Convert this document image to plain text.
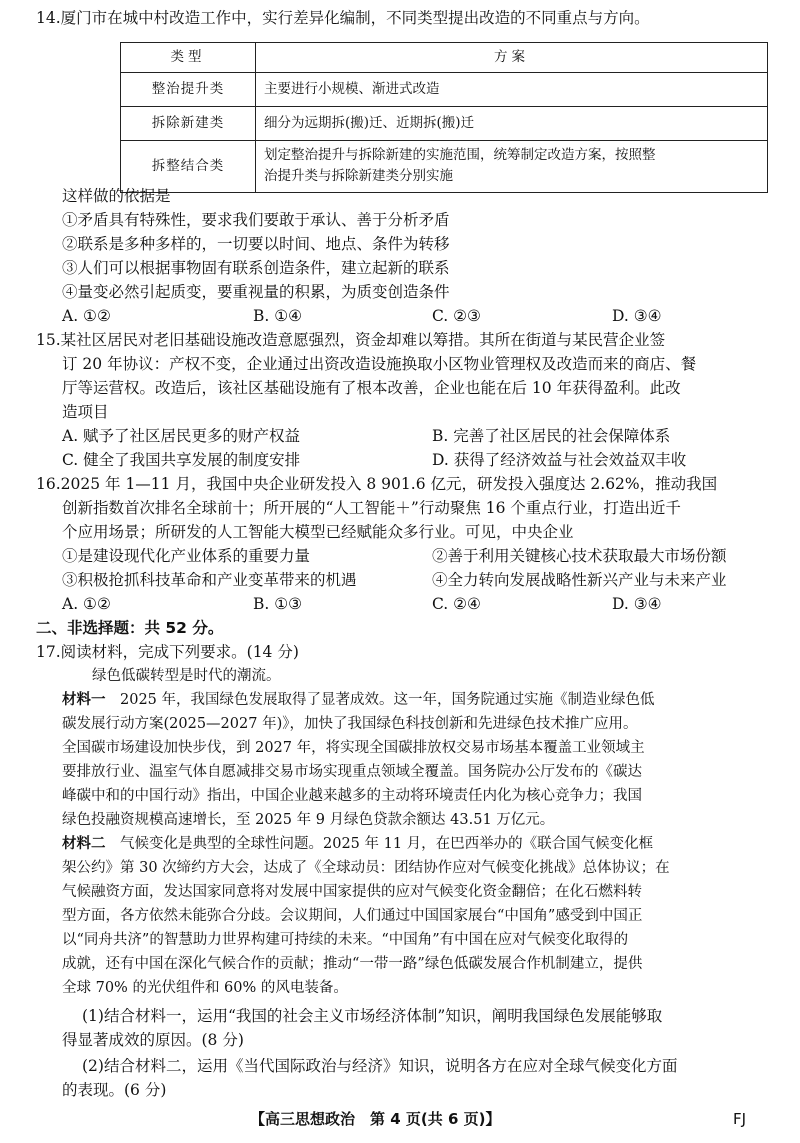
14.厦门市在城中村改造工作中，实行差异化编制，不同类型提出改造的不同重点与方向。
类型	方案
整治提升类	主要进行小规模、渐进式改造
拆除新建类	细分为远期拆(搬)迁、近期拆(搬)迁
拆整结合类	划定整治提升与拆除新建的实施范围，统筹制定改造方案，按照整
治提升类与拆除新建类分别实施
这样做的依据是
①矛盾具有特殊性，要求我们要敢于承认、善于分析矛盾
②联系是多种多样的，一切要以时间、地点、条件为转移
③人们可以根据事物固有联系创造条件，建立起新的联系
④量变必然引起质变，要重视量的积累，为质变创造条件
A. ①②	B. ①④	C. ②③	D. ③④
15.某社区居民对老旧基础设施改造意愿强烈，资金却难以筹措。其所在街道与某民营企业签
订 20 年协议：产权不变，企业通过出资改造设施换取小区物业管理权及改造而来的商店、餐
厅等运营权。改造后，该社区基础设施有了根本改善，企业也能在后 10 年获得盈利。此改
造项目
A. 赋予了社区居民更多的财产权益	B. 完善了社区居民的社会保障体系
C. 健全了我国共享发展的制度安排	D. 获得了经济效益与社会效益双丰收
16.2025 年 1—11 月，我国中央企业研发投入 8 901.6 亿元，研发投入强度达 2.62%，推动我国
创新指数首次排名全球前十；所开展的“人工智能＋”行动聚焦 16 个重点行业，打造出近千
个应用场景；所研发的人工智能大模型已经赋能众多行业。可见，中央企业
①是建设现代化产业体系的重要力量	②善于利用关键核心技术获取最大市场份额
③积极抢抓科技革命和产业变革带来的机遇	④全力转向发展战略性新兴产业与未来产业
A. ①②	B. ①③	C. ②④	D. ③④
二、非选择题：共 52 分。
17.阅读材料，完成下列要求。(14 分)
绿色低碳转型是时代的潮流。
材料一　 2025 年，我国绿色发展取得了显著成效。这一年，国务院通过实施《制造业绿色低
碳发展行动方案(2025—2027 年)》，加快了我国绿色科技创新和先进绿色技术推广应用。
全国碳市场建设加快步伐，到 2027 年，将实现全国碳排放权交易市场基本覆盖工业领域主
要排放行业、温室气体自愿减排交易市场实现重点领域全覆盖。国务院办公厅发布的《碳达
峰碳中和的中国行动》指出，中国企业越来越多的主动将环境责任内化为核心竞争力；我国
绿色投融资规模高速增长，至 2025 年 9 月绿色贷款余额达 43.51 万亿元。
材料二　 气候变化是典型的全球性问题。2025 年 11 月，在巴西举办的《联合国气候变化框
架公约》第 30 次缔约方大会，达成了《全球动员：团结协作应对气候变化挑战》总体协议；在
气候融资方面，发达国家同意将对发展中国家提供的应对气候变化资金翻倍；在化石燃料转
型方面，各方依然未能弥合分歧。会议期间，人们通过中国国家展台“中国角”感受到中国正
以“同舟共济”的智慧助力世界构建可持续的未来。“中国角”有中国在应对气候变化取得的
成就，还有中国在深化气候合作的贡献；推动“一带一路”绿色低碳发展合作机制建立，提供
全球 70% 的光伏组件和 60% 的风电装备。
(1)结合材料一，运用“我国的社会主义市场经济体制”知识，阐明我国绿色发展能够取
得显著成效的原因。(8 分)
(2)结合材料二，运用《当代国际政治与经济》知识，说明各方在应对全球气候变化方面
的表现。(6 分)
【高三思想政治　第 4 页(共 6 页)】	FJ
